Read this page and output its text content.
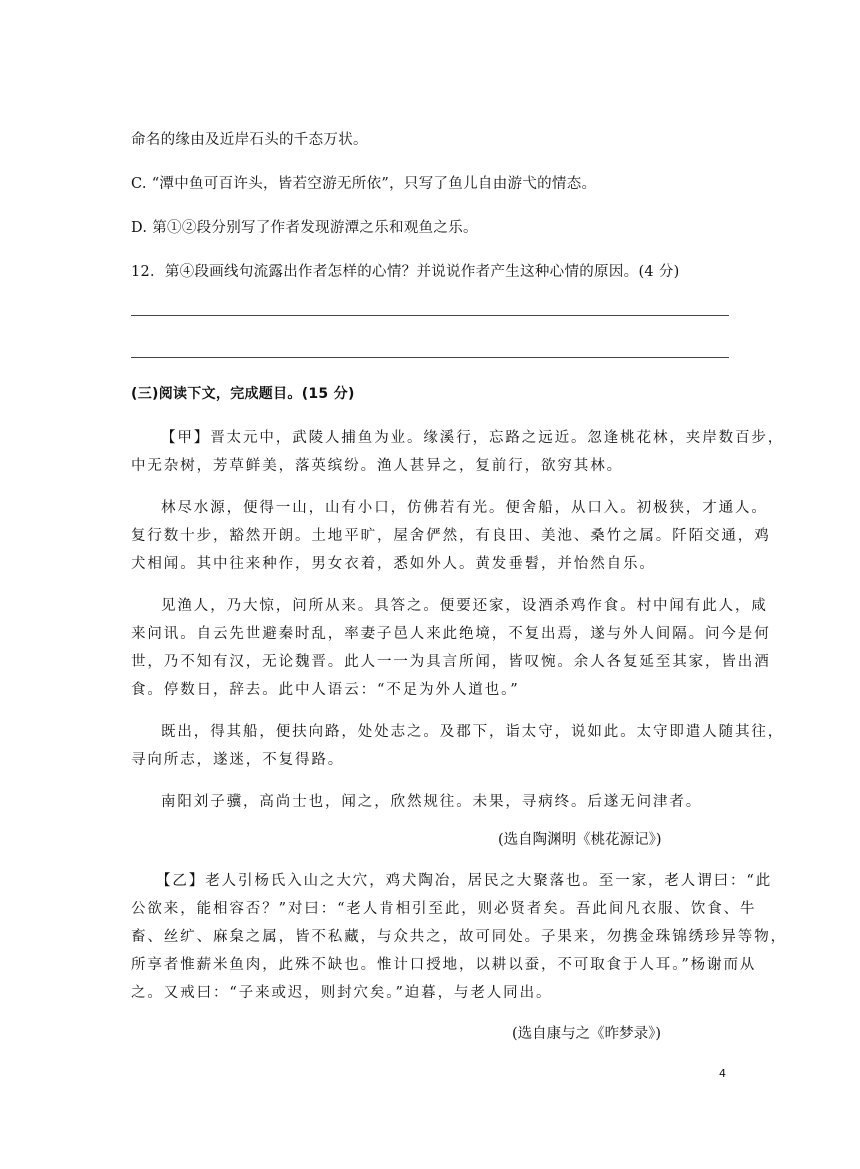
命名的缘由及近岸石头的千态万状。
C. “潭中鱼可百许头，皆若空游无所依”，只写了鱼儿自由游弋的情态。
D. 第①②段分别写了作者发现游潭之乐和观鱼之乐。
12．第④段画线句流露出作者怎样的心情？并说说作者产生这种心情的原因。(4 分)
(三)阅读下文，完成题目。(15 分)
【甲】晋太元中，武陵人捕鱼为业。缘溪行，忘路之远近。忽逢桃花林，夹岸数百步，
中无杂树，芳草鲜美，落英缤纷。渔人甚异之，复前行，欲穷其林。
林尽水源，便得一山，山有小口，仿佛若有光。便舍船，从口入。初极狭，才通人。
复行数十步，豁然开朗。土地平旷，屋舍俨然，有良田、美池、桑竹之属。阡陌交通，鸡
犬相闻。其中往来种作，男女衣着，悉如外人。黄发垂髫，并怡然自乐。
见渔人，乃大惊，问所从来。具答之。便要还家，设酒杀鸡作食。村中闻有此人，咸
来问讯。自云先世避秦时乱，率妻子邑人来此绝境，不复出焉，遂与外人间隔。问今是何
世，乃不知有汉，无论魏晋。此人一一为具言所闻，皆叹惋。余人各复延至其家，皆出酒
食。停数日，辞去。此中人语云：“不足为外人道也。”
既出，得其船，便扶向路，处处志之。及郡下，诣太守，说如此。太守即遣人随其往，
寻向所志，遂迷，不复得路。
南阳刘子骥，高尚士也，闻之，欣然规往。未果，寻病终。后遂无问津者。
(选自陶渊明《桃花源记》)
【乙】老人引杨氏入山之大穴，鸡犬陶冶，居民之大聚落也。至一家，老人谓曰：“此
公欲来，能相容否？”对曰：“老人肯相引至此，则必贤者矣。吾此间凡衣服、饮食、牛
畜、丝纩、麻枲之属，皆不私藏，与众共之，故可同处。子果来，勿携金珠锦绣珍异等物，
所享者惟薪米鱼肉，此殊不缺也。惟计口授地，以耕以蚕，不可取食于人耳。”杨谢而从
之。又戒曰：“子来或迟，则封穴矣。”迫暮，与老人同出。
(选自康与之《昨梦录》)
4
